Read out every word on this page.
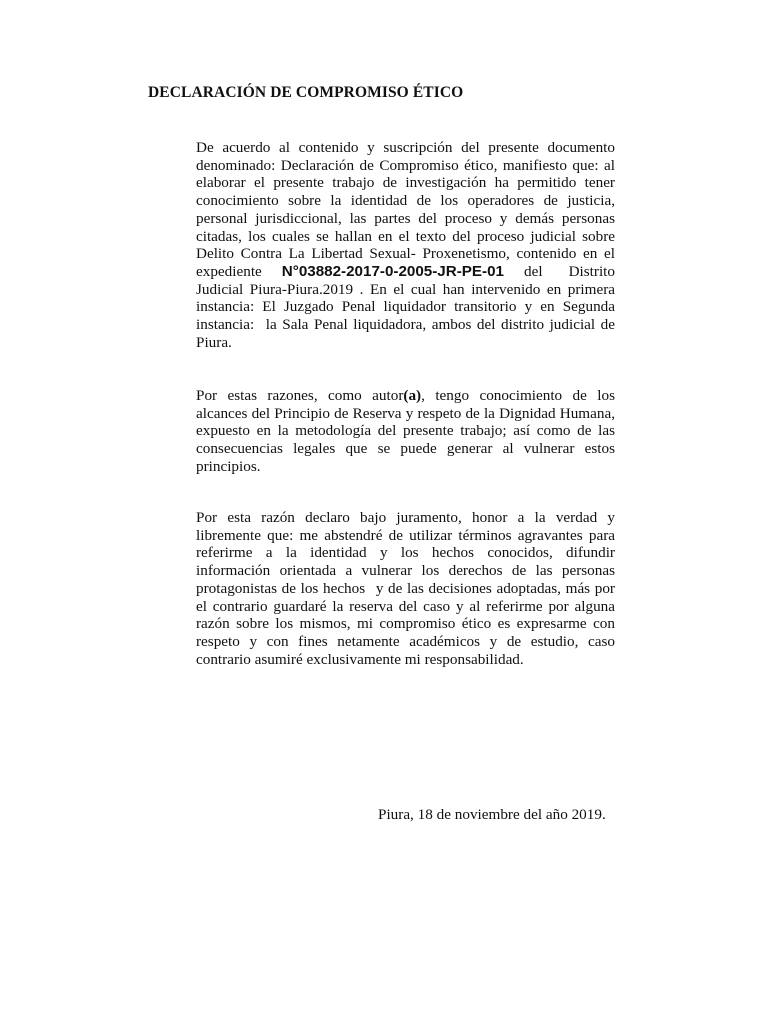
DECLARACIÓN DE COMPROMISO ÉTICO
De acuerdo al contenido y suscripción del presente documento denominado: Declaración de Compromiso ético, manifiesto que: al elaborar el presente trabajo de investigación ha permitido tener conocimiento sobre la identidad de los operadores de justicia, personal jurisdiccional, las partes del proceso y demás personas citadas, los cuales se hallan en el texto del proceso judicial sobre Delito Contra La Libertad Sexual- Proxenetismo, contenido en el expediente N°03882-2017-0-2005-JR-PE-01 del Distrito Judicial Piura-Piura.2019 . En el cual han intervenido en primera instancia: El Juzgado Penal liquidador transitorio y en Segunda instancia: la Sala Penal liquidadora, ambos del distrito judicial de Piura.
Por estas razones, como autor(a), tengo conocimiento de los alcances del Principio de Reserva y respeto de la Dignidad Humana, expuesto en la metodología del presente trabajo; así como de las consecuencias legales que se puede generar al vulnerar estos principios.
Por esta razón declaro bajo juramento, honor a la verdad y libremente que: me abstendré de utilizar términos agravantes para referirme a la identidad y los hechos conocidos, difundir información orientada a vulnerar los derechos de las personas protagonistas de los hechos y de las decisiones adoptadas, más por el contrario guardaré la reserva del caso y al referirme por alguna razón sobre los mismos, mi compromiso ético es expresarme con respeto y con fines netamente académicos y de estudio, caso contrario asumiré exclusivamente mi responsabilidad.
Piura, 18 de noviembre del año 2019.
